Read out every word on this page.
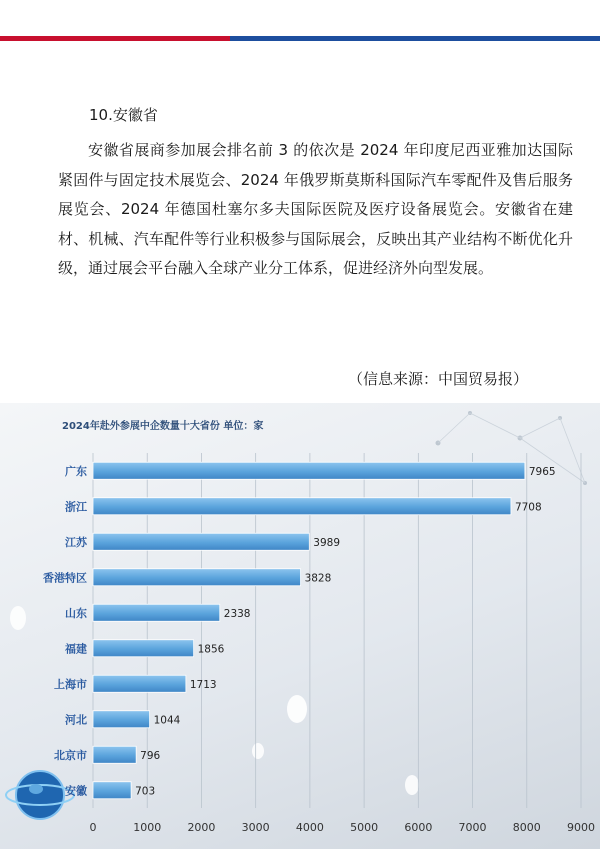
10.安徽省

安徽省展商参加展会排名前 3 的依次是 2024 年印度尼西亚雅加达国际紧固件与固定技术展览会、2024 年俄罗斯莫斯科国际汽车零配件及售后服务展览会、2024 年德国杜塞尔多夫国际医院及医疗设备展览会。安徽省在建材、机械、汽车配件等行业积极参与国际展会，反映出其产业结构不断优化升级，通过展会平台融入全球产业分工体系，促进经济外向型发展。

（信息来源：中国贸易报）
2024年赴外参展中企数量十大省份 单位：家
0	1000 2000 3000 4000 5000 6000 7000 8000 9000
广东	7965
浙江	7708
江苏	3989
香港特区	3828
山东	2338
福建	1856
上海市	1713
河北	1044
北京市	796
安徽	703
